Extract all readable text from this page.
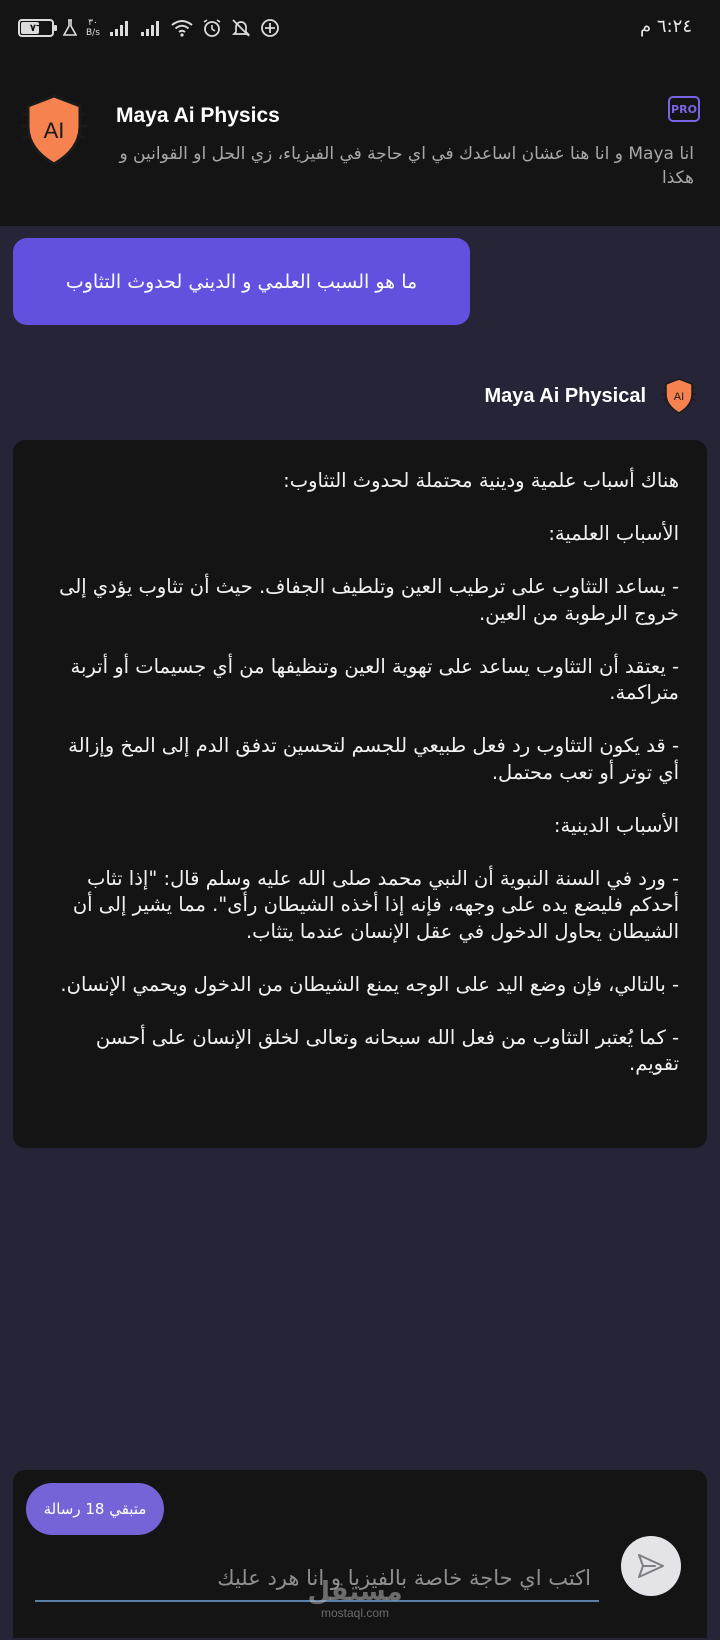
٧٦	٣٠
B/s	٦:٢٤ م
AI
Maya Ai Physics	PRO
انا Maya و انا هنا عشان اساعدك في اي حاجة في الفيزياء، زي الحل او القوانين و هكذا
ما هو السبب العلمي و الديني لحدوث التثاوب
Maya Ai Physical AI
هناك أسباب علمية ودينية محتملة لحدوث التثاوب:

الأسباب العلمية:

- يساعد التثاوب على ترطيب العين وتلطيف الجفاف. حيث أن تثاوب يؤدي إلى خروج الرطوبة من العين.

- يعتقد أن التثاوب يساعد على تهوية العين وتنظيفها من أي جسيمات أو أتربة متراكمة.

- قد يكون التثاوب رد فعل طبيعي للجسم لتحسين تدفق الدم إلى المخ وإزالة أي توتر أو تعب محتمل.

الأسباب الدينية:

- ورد في السنة النبوية أن النبي محمد صلى الله عليه وسلم قال: "إذا تثاب أحدكم فليضع يده على وجهه، فإنه إذا أخذه الشيطان رأى". مما يشير إلى أن الشيطان يحاول الدخول في عقل الإنسان عندما يتثاب.

- بالتالي، فإن وضع اليد على الوجه يمنع الشيطان من الدخول ويحمي الإنسان.

- كما يُعتبر التثاوب من فعل الله سبحانه وتعالى لخلق الإنسان على أحسن تقويم.
متبقي 18 رسالة
اكتب اي حاجة خاصة بالفيزيا و انا هرد عليك
مستقل
mostaql.com
